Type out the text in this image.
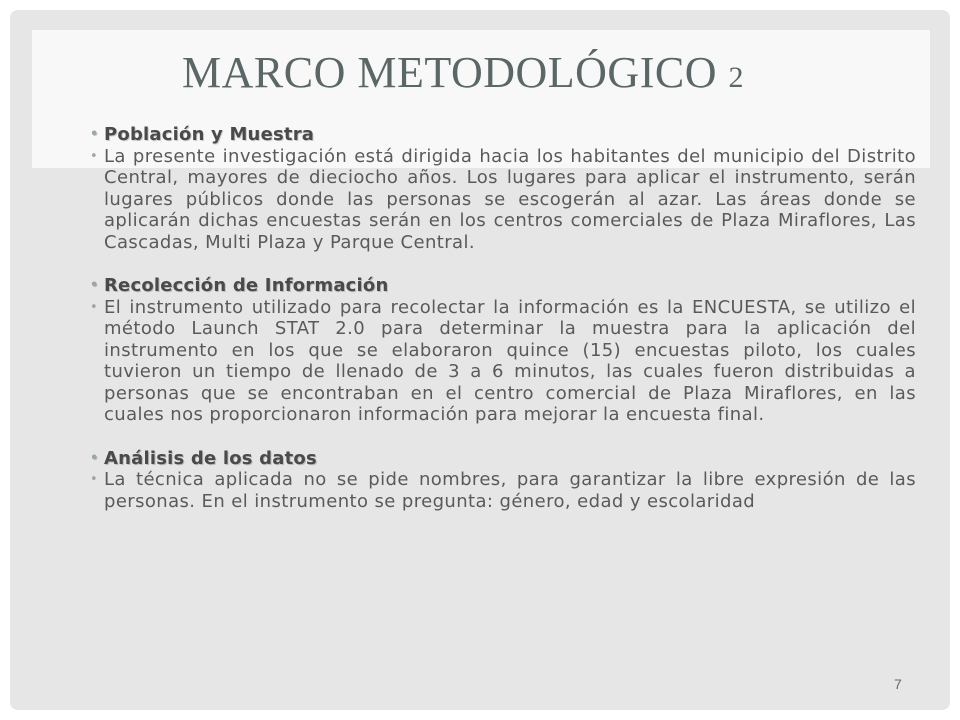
MARCO METODOLÓGICO 2
• Población y Muestra
• La presente investigación está dirigida hacia los habitantes del municipio del Distrito Central, mayores de dieciocho años. Los lugares para aplicar el instrumento, serán lugares públicos donde las personas se escogerán al azar. Las áreas donde se aplicarán dichas encuestas serán en los centros comerciales de Plaza Miraflores, Las Cascadas, Multi Plaza y Parque Central.
• Recolección de Información
• El instrumento utilizado para recolectar la información es la ENCUESTA, se utilizo el método Launch STAT 2.0 para determinar la muestra para la aplicación del instrumento en los que se elaboraron quince (15) encuestas piloto, los cuales tuvieron un tiempo de llenado de 3 a 6 minutos, las cuales fueron distribuidas a personas que se encontraban en el centro comercial de Plaza Miraflores, en las cuales nos proporcionaron información para mejorar la encuesta final.
• Análisis de los datos
• La técnica aplicada no se pide nombres, para garantizar la libre expresión de las personas. En el instrumento se pregunta: género, edad y escolaridad
7
